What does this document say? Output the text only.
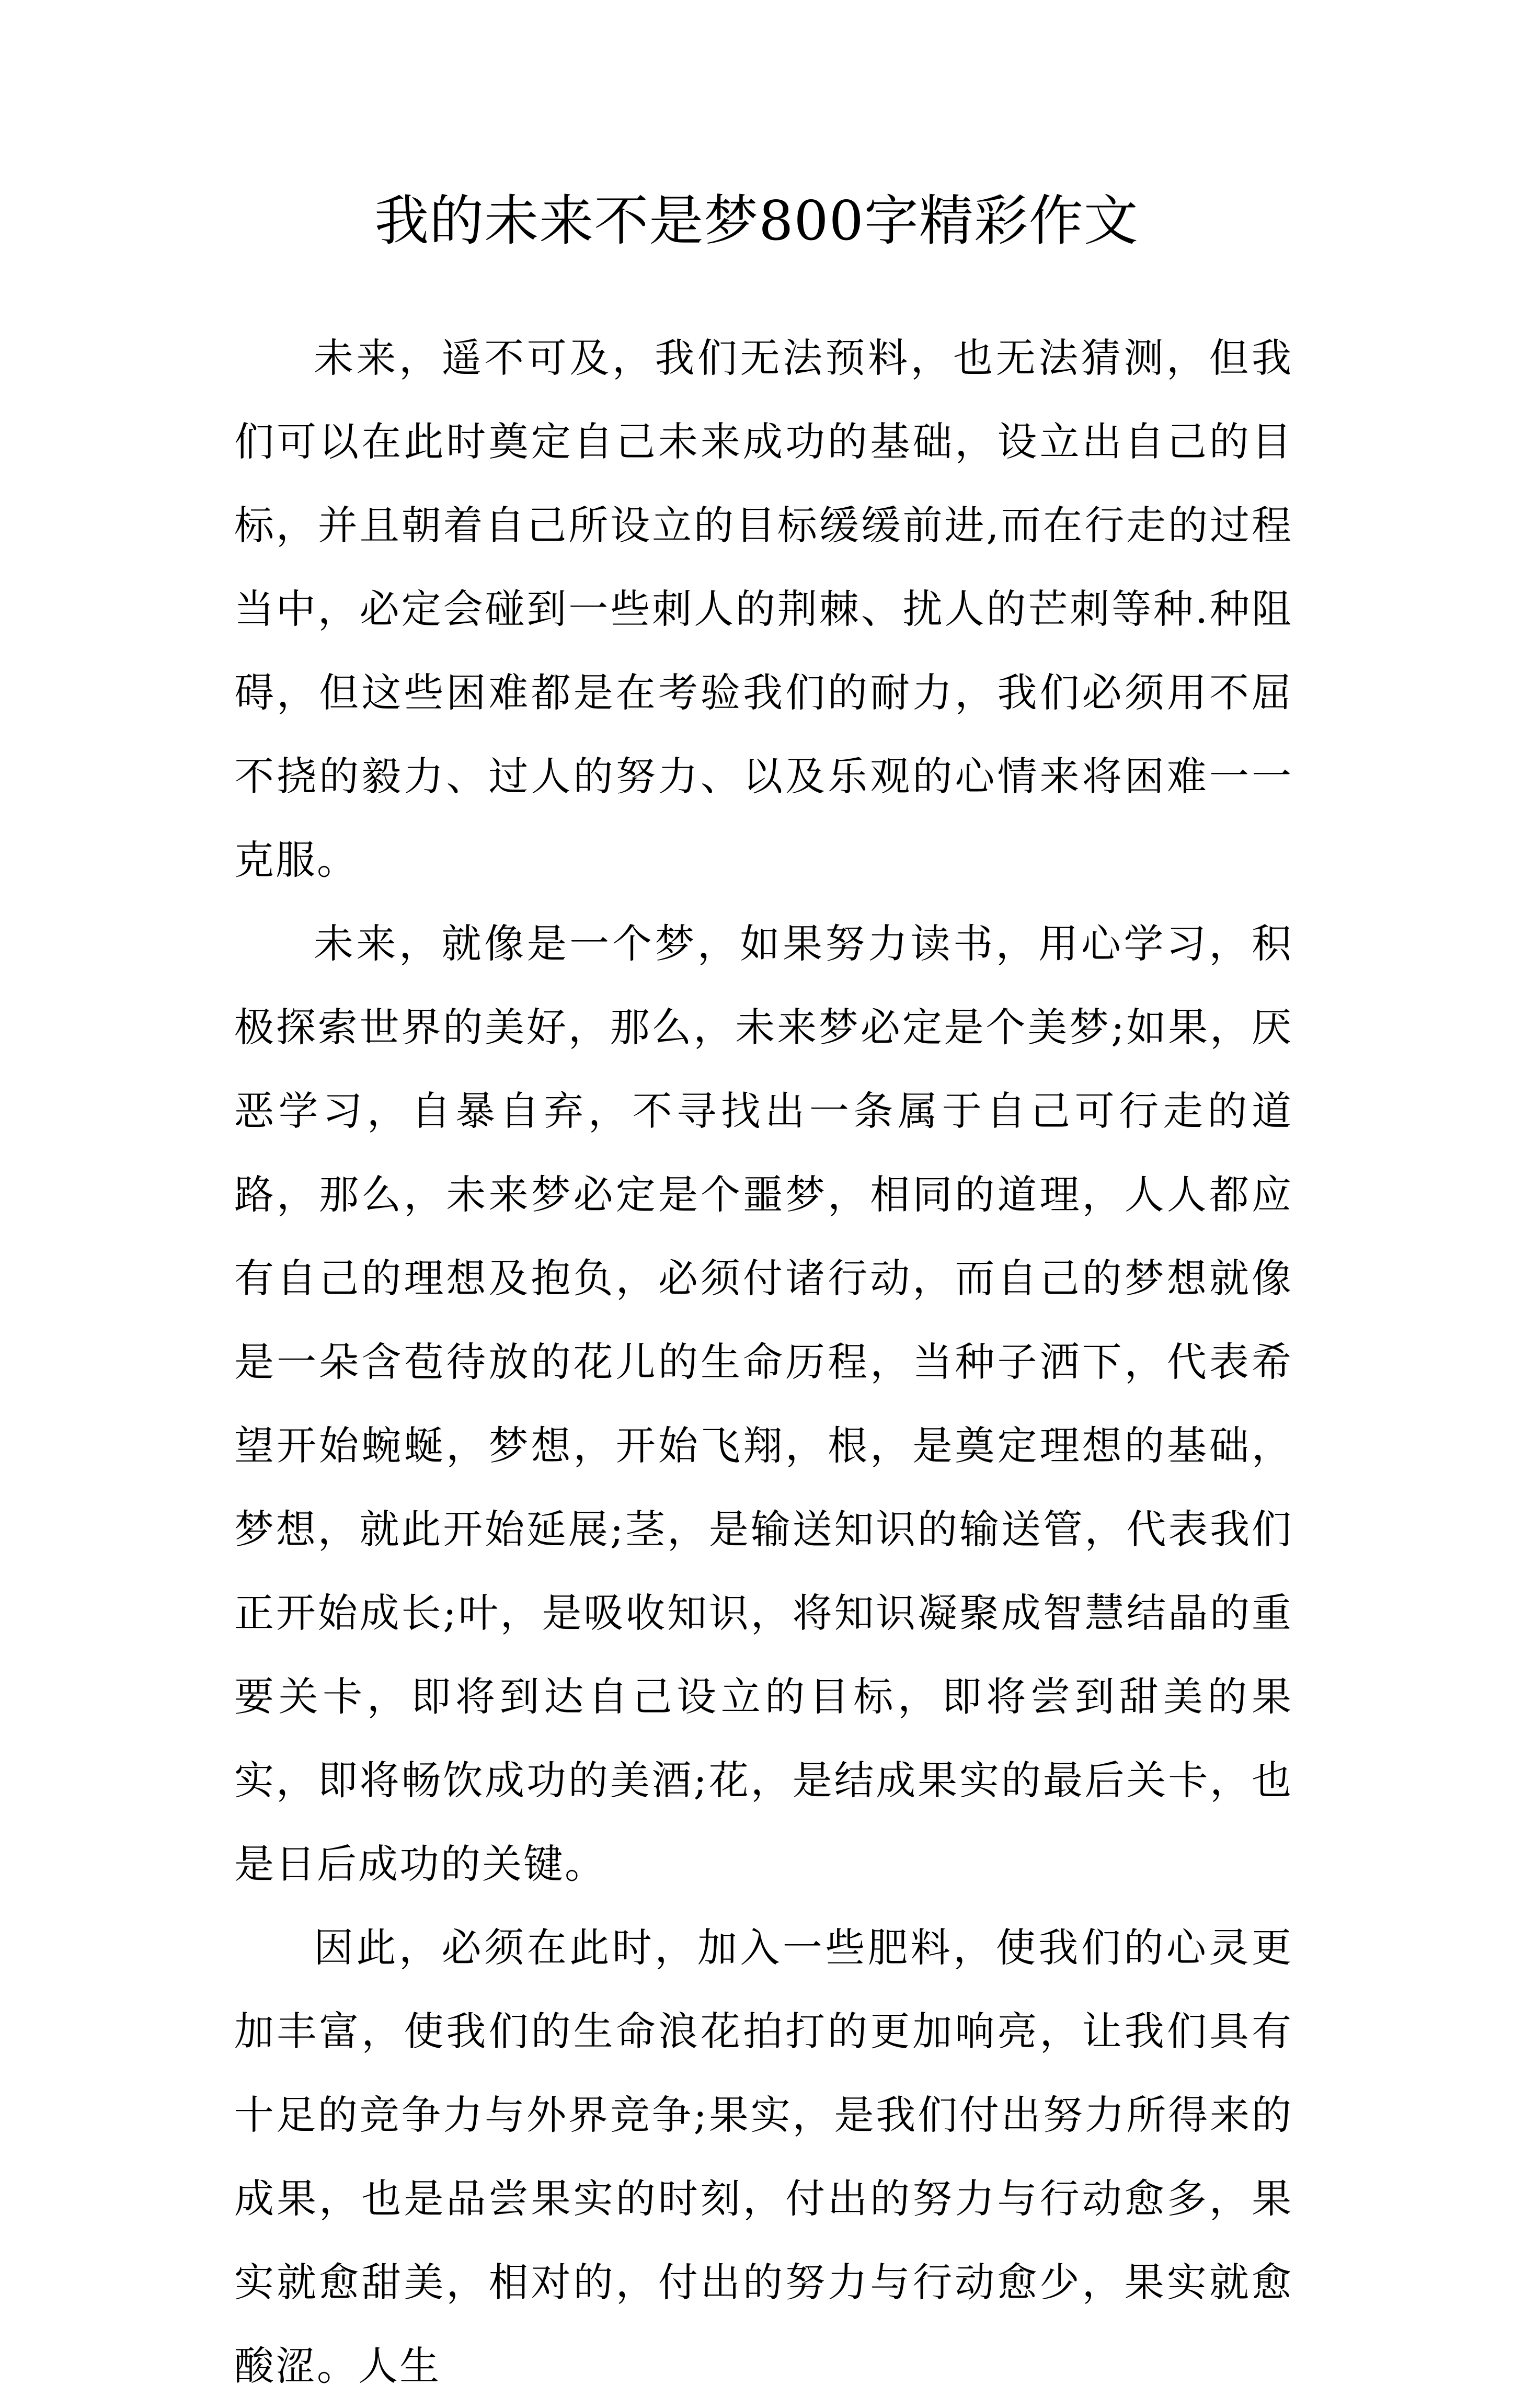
我的未来不是梦800字精彩作文

未来，遥不可及，我们无法预料，也无法猜测，但我们可以在此时奠定自己未来成功的基础，设立出自己的目标，并且朝着自己所设立的目标缓缓前进,而在行走的过程当中，必定会碰到一些刺人的荆棘、扰人的芒刺等种.种阻碍，但这些困难都是在考验我们的耐力，我们必须用不屈不挠的毅力、过人的努力、以及乐观的心情来将困难一一克服。

未来，就像是一个梦，如果努力读书，用心学习，积极探索世界的美好，那么，未来梦必定是个美梦;如果，厌恶学习，自暴自弃，不寻找出一条属于自己可行走的道路，那么，未来梦必定是个噩梦，相同的道理，人人都应有自己的理想及抱负，必须付诸行动，而自己的梦想就像是一朵含苞待放的花儿的生命历程，当种子洒下，代表希望开始蜿蜒，梦想，开始飞翔，根，是奠定理想的基础，梦想，就此开始延展;茎，是输送知识的输送管，代表我们正开始成长;叶，是吸收知识，将知识凝聚成智慧结晶的重要关卡，即将到达自己设立的目标，即将尝到甜美的果实，即将畅饮成功的美酒;花，是结成果实的最后关卡，也是日后成功的关键。

因此，必须在此时，加入一些肥料，使我们的心灵更加丰富，使我们的生命浪花拍打的更加响亮，让我们具有十足的竞争力与外界竞争;果实，是我们付出努力所得来的成果，也是品尝果实的时刻，付出的努力与行动愈多，果实就愈甜美，相对的，付出的努力与行动愈少，果实就愈酸涩。人生
